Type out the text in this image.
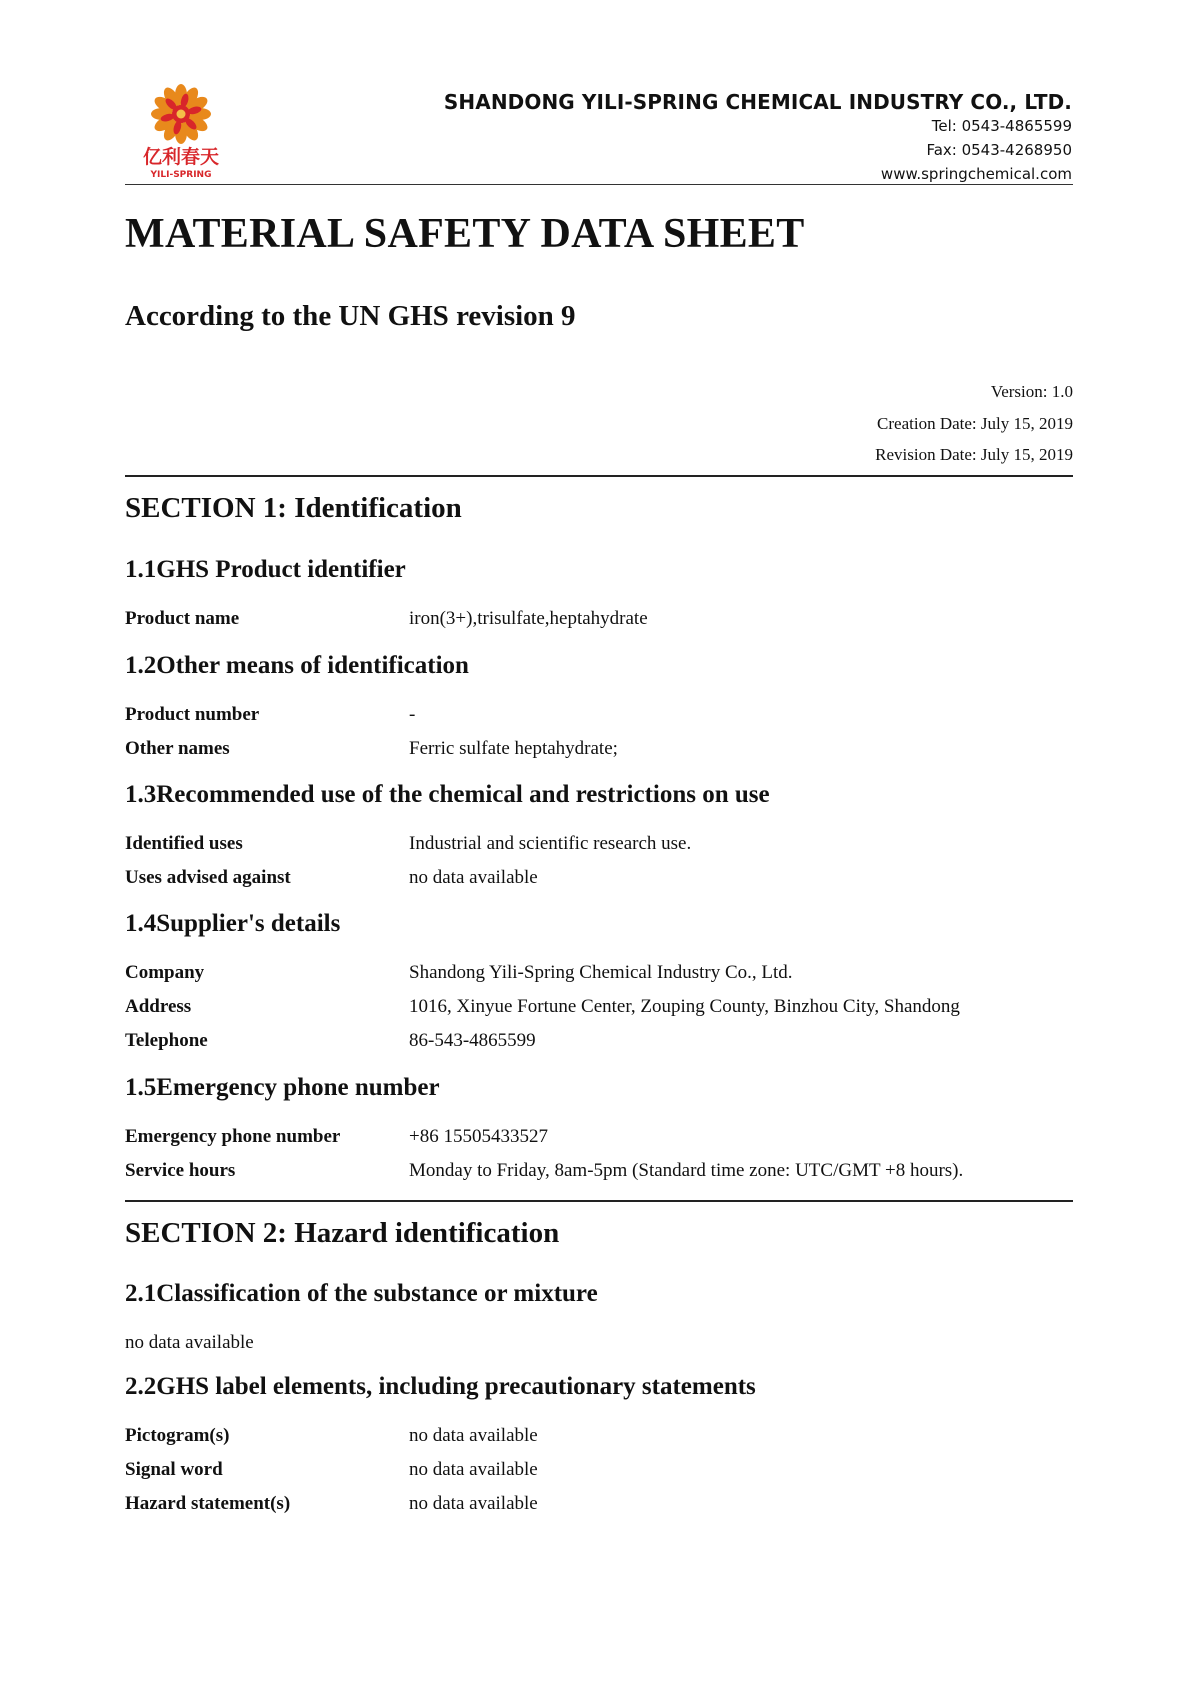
亿利春天
YILI-SPRING
SHANDONG YILI-SPRING CHEMICAL INDUSTRY CO., LTD.
Tel: 0543-4865599
Fax: 0543-4268950
www.springchemical.com
MATERIAL SAFETY DATA SHEET
According to the UN GHS revision 9
Version: 1.0
Creation Date: July 15, 2019
Revision Date: July 15, 2019
SECTION 1: Identification
1.1GHS Product identifier
Product name	iron(3+),trisulfate,heptahydrate
1.2Other means of identification
Product number	-
Other names	Ferric sulfate heptahydrate;
1.3Recommended use of the chemical and restrictions on use
Identified uses	Industrial and scientific research use.
Uses advised against	no data available
1.4Supplier's details
Company	Shandong Yili-Spring Chemical Industry Co., Ltd.
Address	1016, Xinyue Fortune Center, Zouping County, Binzhou City, Shandong
Telephone	86-543-4865599
1.5Emergency phone number
Emergency phone number	+86 15505433527
Service hours	Monday to Friday, 8am-5pm (Standard time zone: UTC/GMT +8 hours).
SECTION 2: Hazard identification
2.1Classification of the substance or mixture
no data available
2.2GHS label elements, including precautionary statements
Pictogram(s)	no data available
Signal word	no data available
Hazard statement(s)	no data available
